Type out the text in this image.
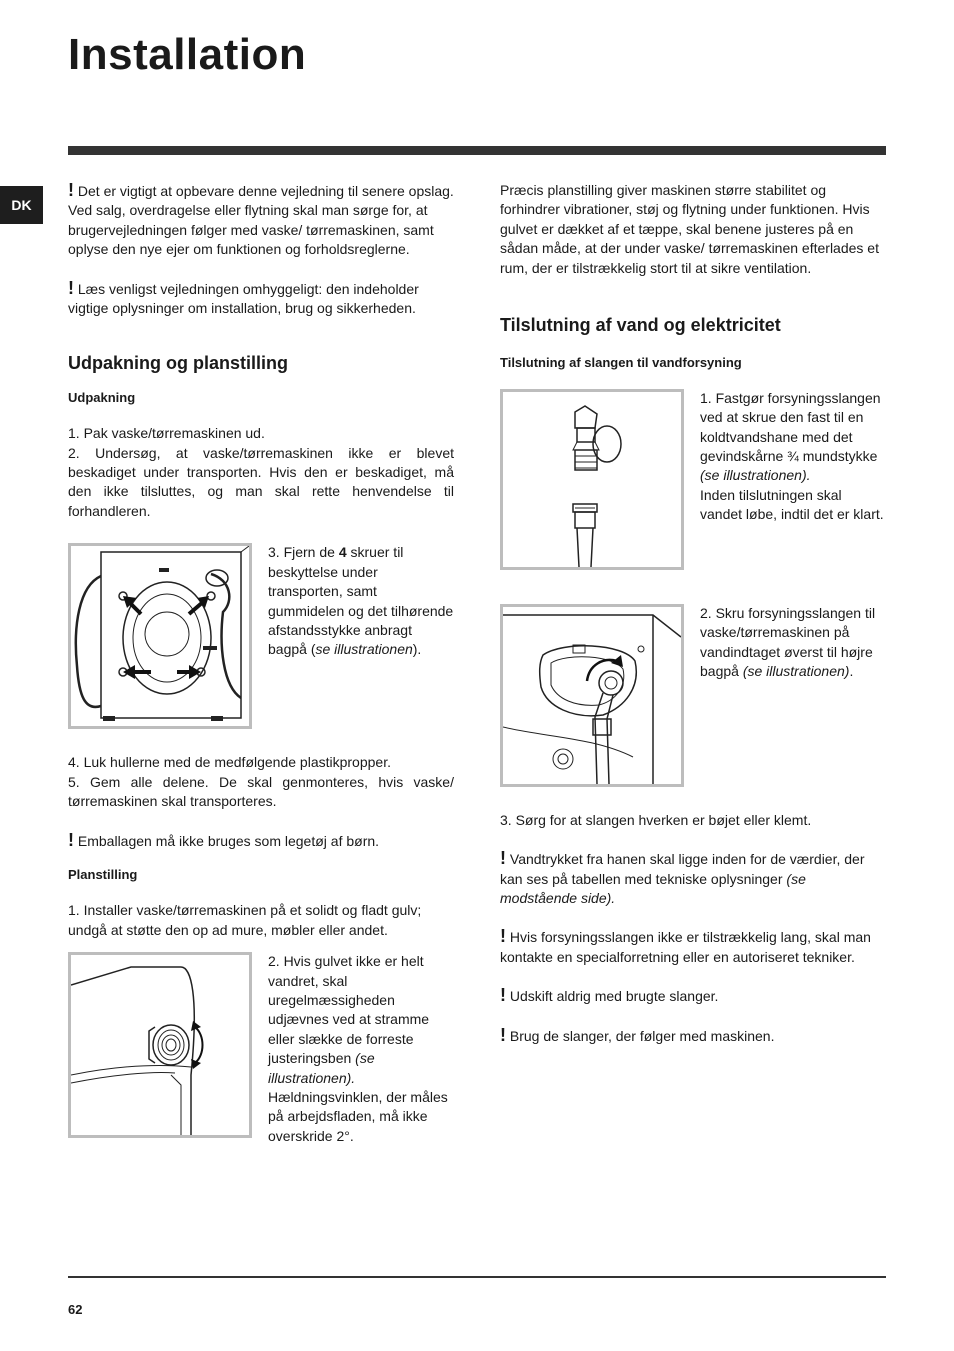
Installation
DK

! Det er vigtigt at opbevare denne vejledning til senere opslag. Ved salg, overdragelse eller flytning skal man sørge for, at brugervejledningen følger med vaske/ tørremaskinen, samt oplyse den nye ejer om funktionen og forholdsreglerne.

! Læs venligst vejledningen omhyggeligt: den indeholder vigtige oplysninger om installation, brug og sikkerheden.

Udpakning og planstilling
Udpakning

1. Pak vaske/tørremaskinen ud.

2. Undersøg, at vaske/tørremaskinen ikke er blevet beskadiget under transporten. Hvis den er beskadiget, må den ikke tilsluttes, og man skal rette henvendelse til forhandleren.

3. Fjern de 4 skruer til beskyttelse under transporten, samt gummidelen og det tilhørende afstandsstykke anbragt bagpå (se illustrationen).

4. Luk hullerne med de medfølgende plastikpropper.

5. Gem alle delene. De skal genmonteres, hvis vaske/ tørremaskinen skal transporteres.

! Emballagen må ikke bruges som legetøj af børn.

Planstilling

1. Installer vaske/tørremaskinen på et solidt og fladt gulv; undgå at støtte den op ad mure, møbler eller andet.

2. Hvis gulvet ikke er helt vandret, skal uregelmæssigheden udjævnes ved at stramme eller slække de forreste justeringsben (se illustrationen).
Hældningsvinklen, der måles på arbejdsfladen, må ikke overskride 2°.

Præcis planstilling giver maskinen større stabilitet og forhindrer vibrationer, støj og flytning under funktionen. Hvis gulvet er dækket af et tæppe, skal benene justeres på en sådan måde, at der under vaske/ tørremaskinen efterlades et rum, der er tilstrækkelig stort til at sikre ventilation.

Tilslutning af vand og elektricitet
Tilslutning af slangen til vandforsyning

1. Fastgør forsyningsslangen ved at skrue den fast til en koldtvandshane med det gevindskårne ¾ mundstykke (se illustrationen).
Inden tilslutningen skal vandet løbe, indtil det er klart.

2. Skru forsyningsslangen til vaske/tørremaskinen på vandindtaget øverst til højre bagpå (se illustrationen).

3. Sørg for at slangen hverken er bøjet eller klemt.

! Vandtrykket fra hanen skal ligge inden for de værdier, der kan ses på tabellen med tekniske oplysninger (se modstående side).

! Hvis forsyningsslangen ikke er tilstrækkelig lang, skal man kontakte en specialforretning eller en autoriseret tekniker.

! Udskift aldrig med brugte slanger.

! Brug de slanger, der følger med maskinen.

62
